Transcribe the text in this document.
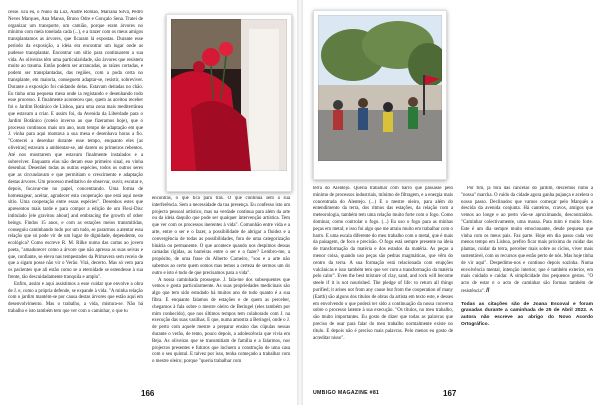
cesse. Era eu, o Nuno da Luz, André Romão, Mariana Silva, Pedro Neves Marques, Ana Manso, Bruno Odre e Gonçalo Sena. Tratei de organizar um transporte, um camião, porque eram árvores no mínimo com meia tonelada cada (...), e a trazer com os meus amigos transplantamos as árvores, que ficaram lá expostas. Durante esse período da exposição, a ideia era encontrar um lugar onde as pudesse transplantar. Encontrar um sítio para continuarem a sua vida. As oliveiras têm uma particularidade, são árvores que resistem muito ao trauma. Então podem ser arrancadas, as raízes cortadas, e podem ser transplantadas, das regiões, com a poda certa no transplante, em maioria, conseguem adaptar-se, resistir, sobreviver. Durante a exposição foi cuidando delas. Estavam deitadas no chão. Eu tinha uma pequena mesa onde ia registando e desenhando todo esse processo. E finalmente aconteceu que, quem as aceitou receber foi o Jardim Botânico de Lisboa, para uma zona mais mediterrânea que estavam a criar. E assim foi, da Avenida da Liberdade para o Jardim Botânico (coteio inverso ao que fizeramos hoje), que o processo continuou mais um ano, num tempo de adaptação em que J. vinha para aqui montava a sua mesa e desenhava horas a fio. "Comecei a desenhar durante esse tempo, enquanto eles [as oliveiras] estavam a ambientar-se, até darem os primeiros rebentos. Até nos mostrarem que estavam finalmente instalados e a sobreviver. Enquanto elas não deram esse primeiro sinal, eu vinha desenhar. Desenhei todas as outras espécies, todos os outros seres que as circundavam e que permitiam o crescimento e adaptação destas árvores. Um processo meditativo de observar, ouvir, escutar e, depois, focavar-me no papel, concentrando. Uma forma de homenagear, aceitar, agradecer esta cooperação que está aqui neste sítio. Uma cooperação entre essas espécies". Desenhos estes que apresentou mais tarde e para compor a edição de um Flexi-Disc intitulado [ele gravitou about] and embracing the growth of other beings. Findos 15 anos, e com as estações meios transmitidas, conseguiu caminhando tudo por um tudo, se pararmos a atentar essa relação que só pode vir de um lugar de dignidade, dependente, ou ecológica? Como escreve R. M. Rilke numa das cartas ao jovem poeta, "amadurecer como a árvore que não apressa as suas seivas e que, confiante, se eleva nas tempestades da Primavera sem receio de que a sigam posse não vir o Verão. Virá, decerto. Mas só vem para os pacientes que ali estão como se a eternidade se estendesse à sua frente, tão descuidadamente tranquila e ampla".

Enfim, assim e aqui assistimos a esse cuidar que envolve a obra de J. e, como a própria defende, se expande à vida. "A minha relação com o jardim mantém-se por causa destas árvores que estão aqui em desenvolvimento. Mas o trabalho, a vida, mistura-se. Não há trabalho e isto também tem que ver com o caminhar, o que tu

encontras, o que fica para trás. O que continua sem a sua interferência. Sem a necessidade da tua presença. Eu confesso isto um projecto pessoal artístico, mas na verdade continua para além da arte ou da ideia daquilo que pode ser qualquer intervenção artística. Tem que ver com os processos inerentes à vida". Comunhão entre vida e a arte, entre o ser e o fazer, a possibilidade de abrigar a fluidez e a convergência de todas as possibilidades, fora de uma categorização binária ou permanente. O que acontece quando nos despimos dessas camadas rígidas, as barreiras entre o ser e o fazer? Lembro-me, a propósito, de uma frase do Alberto Carneiro, "sou e a arte não sabemos ao certo quem somos mas temos a certeza de sermos um do outro e isto é tudo de que precisamos para a vida".

A nossa caminhada prossegue. J. fala-me dos subsequentes que vemos e gosta particularmente. As suas propriedades medicinais são algo que tem sido estudado há muitos ano de tudo quanto é a sua fibra. E enquanto falamos de estações e de quem as perceber, chegamos à fala sobre o mestre oleiro de Beringel (eles também por mim conhecido), que nos últimos tempos tem colaborado com J. na execução das suas vasilhas. E que, numa amostra a Beringel, onde o J. de perto com aquele mestre a preparar ensino das cúpulas nessas durante o verão, de tento, pouco depois, a adolescência que vivia em Beja. As oliveiras que se transmitiam de família e a falarmos, nos projectos presentes e futuros que incluem a construção de uma casa com o seu quintal. E talvez por isso, tenha começado a trabalhar com o mestre oleiro; porque "queria trabalhar com

166

terra do Alentejo. Queria trabalhar com barro que passasse pelo mínimo de processos industriais, mínimo de filtragem, e a energia mais concentrada do Alentejo. (...) E o mestre oleiro, para além do entendimento da terra, dos ritmos das estações, da relação com a meteorologia, também tem uma relação muito forte com o fogo. Como dominar, como controlar o fogo. (...) Eu uso o fogo para as minhas peças em metal; e isso foi algo que me atraiu muito em trabalhar com o barro. E uma escala diferente do meu trabalho com o metal, que é mais da paisagem, de foco e precisão. O fogo está sempre presente na ideia de transformação da matéria e dos estados da matéria. As peças a menor coisa, quando uso peças são pedras magmáticas, que vêm do centro da terra. A sua formação está relacionada com erupções vulcânicas e isso também tem que ver com a transformação da matéria pelo calor". Even the best mixture of clay, sand, and rock will become steele if it is not nourished. The pledge of life: to return all things purified; it arises not from any cause but from the cooperation of many (Earth) são alguns dos títulos de obras da artista em texto este, e desses em envolvendo o que poderá ter sido a continuação da nossa conversa sobre o processo latente à sua execução. "Os títulos, no meu trabalho, são muito importantes. Eu gosto de dizer que todas as palavras que preciso de usar para falar do meu trabalho normalmente existe no título. E depois não é preciso mais palavras. Pelo menos eu gosto de acreditar nisso".

Por fim, já fora das cancelas do jardim, descemos rumo à "nossa" marcha. O ruído da cidade agora ganha pujança e acelera o nosso passo. Declinados que vamos começar pelo Marquês a descida da avenida conjunta. Há canteiros, cravos, amigos que vemos ao longe e ao perto vão-se aproximando, descontraídos. "Caminhar colectivamente, uma massa. Para mim é muito forte. Este é um dia sempre muito emocionante, desde pequena que vinha com os meus pais. Faz parte. Hoje em dia passo cada vez menos tempo em Lisboa, prefiro ficar mais próxima do cuidar das plantas, cuidar da terra, perceber mais sobre os ciclos, viver mais sustentável, com os recursos que estão perto de nós. Mas hoje tinha de vir aqui". Despedimo-nos e continuo depois sozinha. Numa envolvência mental, intenção interior, que é também exterior, em mais cuidado e cuidar. A simplicidade dos pequenos gestos. "O acto de estar e o acto de caminhar são formas também de resistência". //

Todas as citações são de Joana Escoval e foram gravadas durante a caminhada de 25 de Abril 2022. A autora não escreve ao abrigo do Novo Acordo Ortográfico.

UMBIGO MAGAZINE #81	167
